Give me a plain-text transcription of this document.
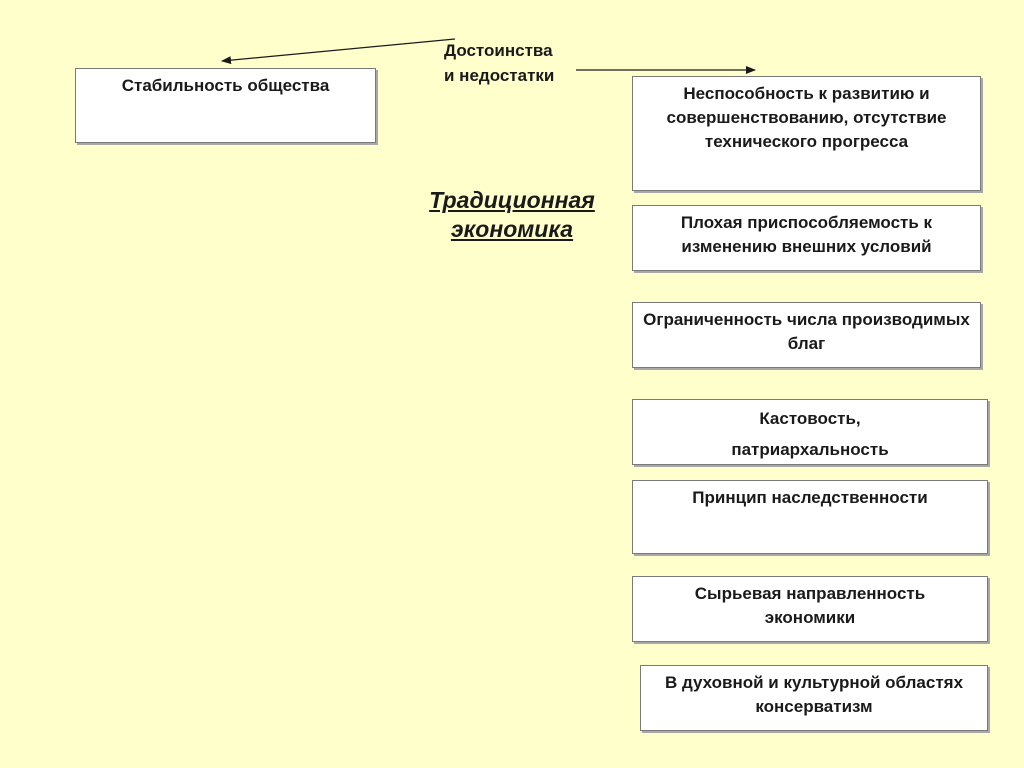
Достоинства
и недостатки
Традиционная
экономика
Стабильность общества	Неспособность к развитию и совершенствованию, отсутствие технического прогресса
Плохая приспособляемость к изменению внешних условий
Ограниченность числа производимых благ
Кастовость, патриархальность
Принцип наследственности
Сырьевая направленность экономики
В духовной и культурной областях консерватизм
